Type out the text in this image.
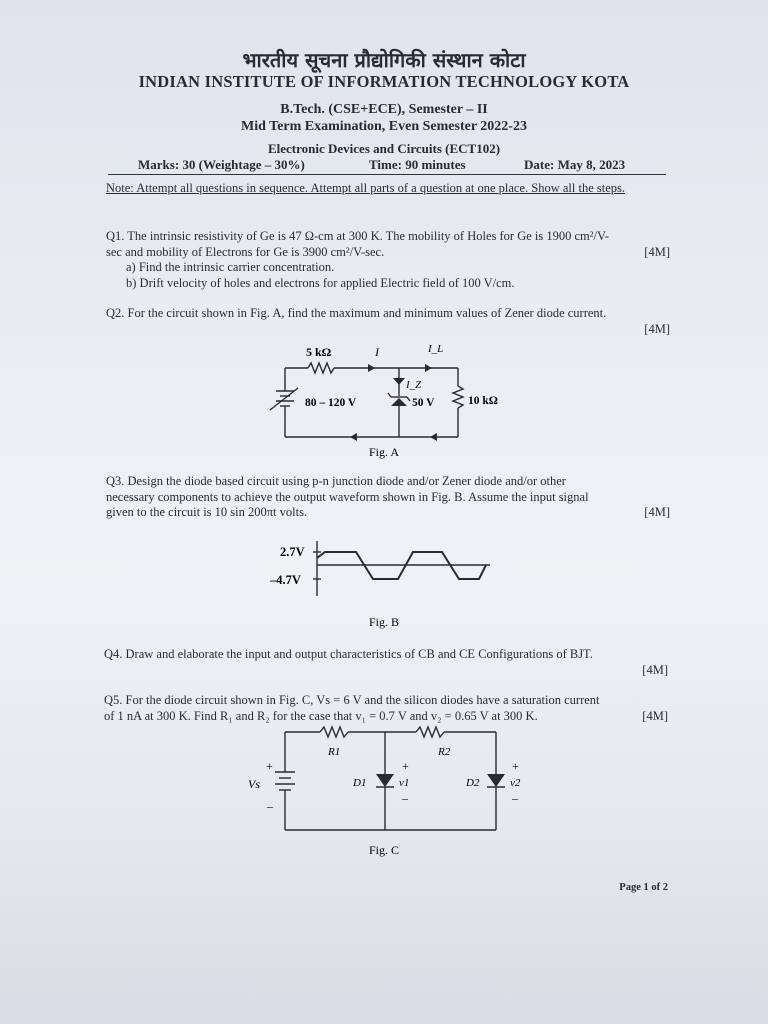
भारतीय सूचना प्रौद्योगिकी संस्थान कोटा
INDIAN INSTITUTE OF INFORMATION TECHNOLOGY KOTA
B.Tech. (CSE+ECE), Semester – II
Mid Term Examination, Even Semester 2022-23
Electronic Devices and Circuits (ECT102)
Marks: 30 (Weightage – 30%)	Time: 90 minutes	Date: May 8, 2023
Note: Attempt all questions in sequence. Attempt all parts of a question at one place. Show all the steps.
Q1. The intrinsic resistivity of Ge is 47 Ω-cm at 300 K. The mobility of Holes for Ge is 1900 cm²/V-
sec and mobility of Electrons for Ge is 3900 cm²/V-sec.	[4M]
a) Find the intrinsic carrier concentration.
b) Drift velocity of holes and electrons for applied Electric field of 100 V/cm.
Q2. For the circuit shown in Fig. A, find the maximum and minimum values of Zener diode current.
[4M]
5 kΩ	I	I_L
I_Z
80 – 120 V	50 V	10 kΩ
Fig. A
Q3. Design the diode based circuit using p-n junction diode and/or Zener diode and/or other
necessary components to achieve the output waveform shown in Fig. B. Assume the input signal
given to the circuit is 10 sin 200πt volts.	[4M]
2.7V
–4.7V
Fig. B
Q4. Draw and elaborate the input and output characteristics of CB and CE Configurations of BJT.
[4M]
Q5. For the diode circuit shown in Fig. C, Vs = 6 V and the silicon diodes have a saturation current
of 1 nA at 300 K. Find R₁ and R₂ for the case that v₁ = 0.7 V and v₂ = 0.65 V at 300 K.	[4M]
R1	R2
+
Vs
–
D1
+
v1
–
D2
+
v2
–
Fig. C
Page 1 of 2
